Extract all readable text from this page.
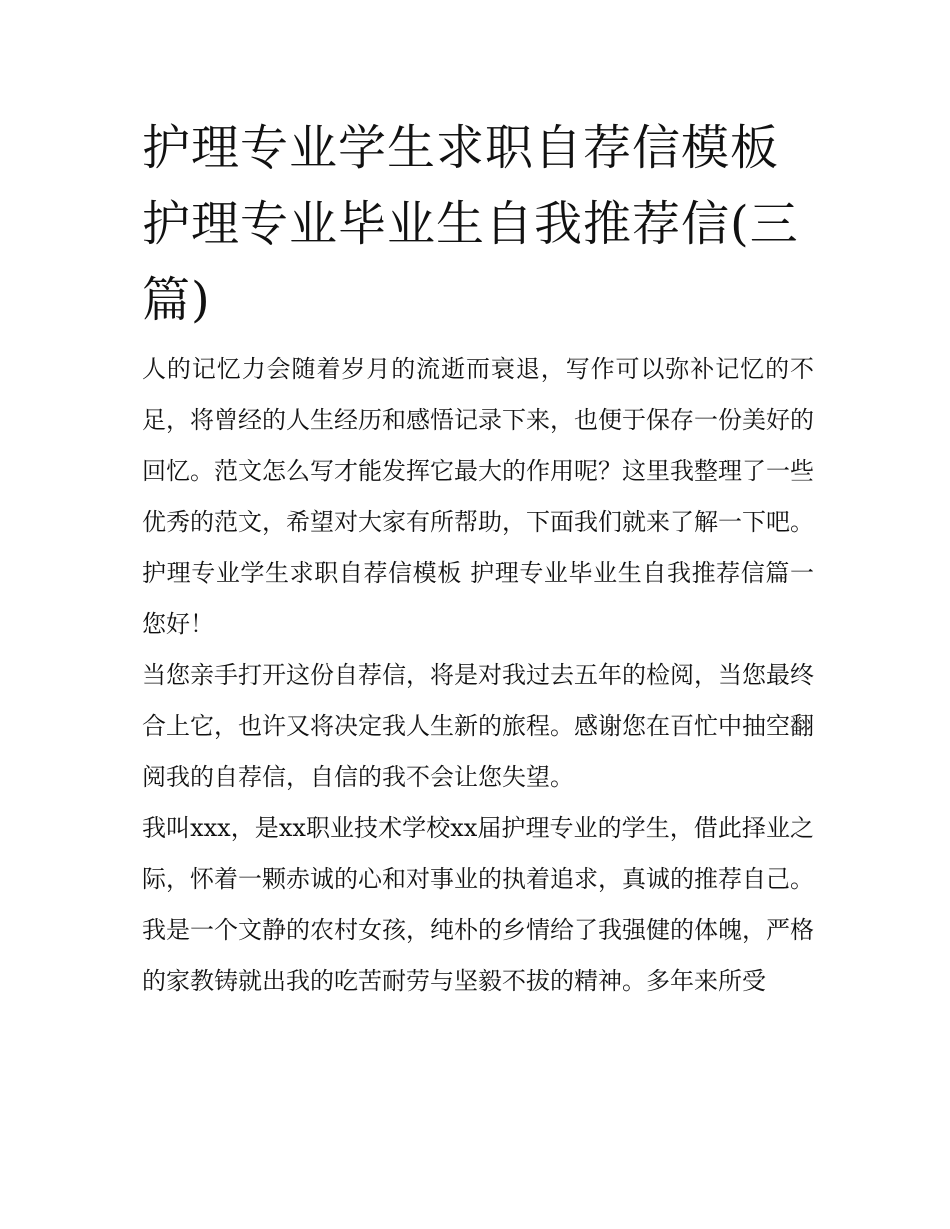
护理专业学生求职自荐信模板 护理专业毕业生自我推荐信(三篇)

人的记忆力会随着岁月的流逝而衰退，写作可以弥补记忆的不足，将曾经的人生经历和感悟记录下来，也便于保存一份美好的回忆。范文怎么写才能发挥它最大的作用呢？这里我整理了一些优秀的范文，希望对大家有所帮助，下面我们就来了解一下吧。

护理专业学生求职自荐信模板 护理专业毕业生自我推荐信篇一 您好！

当您亲手打开这份自荐信，将是对我过去五年的检阅，当您最终合上它，也许又将决定我人生新的旅程。感谢您在百忙中抽空翻阅我的自荐信，自信的我不会让您失望。

我叫xxx，是xx职业技术学校xx届护理专业的学生，借此择业之际，怀着一颗赤诚的心和对事业的执着追求，真诚的推荐自己。

我是一个文静的农村女孩，纯朴的乡情给了我强健的体魄，严格的家教铸就出我的吃苦耐劳与坚毅不拔的精神。多年来所受
